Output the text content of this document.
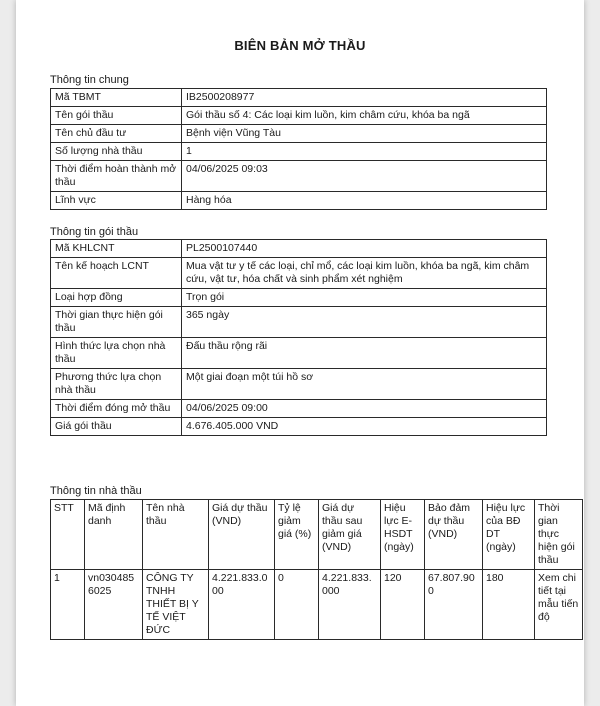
BIÊN BẢN MỞ THẦU
Thông tin chung
Mã TBMT	IB2500208977
Tên gói thầu	Gói thầu số 4: Các loại kim luồn, kim châm cứu, khóa ba ngã
Tên chủ đầu tư	Bệnh viện Vũng Tàu
Số lượng nhà thầu	1
Thời điểm hoàn thành mở thầu	04/06/2025 09:03
Lĩnh vực	Hàng hóa
Thông tin gói thầu
Mã KHLCNT	PL2500107440
Tên kế hoạch LCNT	Mua vật tư y tế các loại, chỉ mổ, các loại kim luồn, khóa ba ngã, kim châm cứu, vật tư, hóa chất và sinh phẩm xét nghiệm
Loại hợp đồng	Trọn gói
Thời gian thực hiện gói thầu	365 ngày
Hình thức lựa chọn nhà thầu	Đấu thầu rộng rãi
Phương thức lựa chọn nhà thầu	Một giai đoạn một túi hồ sơ
Thời điểm đóng mở thầu	04/06/2025 09:00
Giá gói thầu	4.676.405.000 VND
Thông tin nhà thầu
STT	Mã định danh	Tên nhà thầu	Giá dự thầu (VND)	Tỷ lệ giảm giá (%)	Giá dự thầu sau giảm giá (VND)	Hiệu lực E-HSDT (ngày)	Bảo đảm dự thầu (VND)	Hiệu lực của BĐ DT (ngày)	Thời gian thực hiện gói thầu
1	vn0304856025	CÔNG TY TNHH THIẾT BỊ Y TẾ VIỆT ĐỨC	4.221.833.000	0	4.221.833.000	120	67.807.900	180	Xem chi tiết tại mẫu tiến độ
